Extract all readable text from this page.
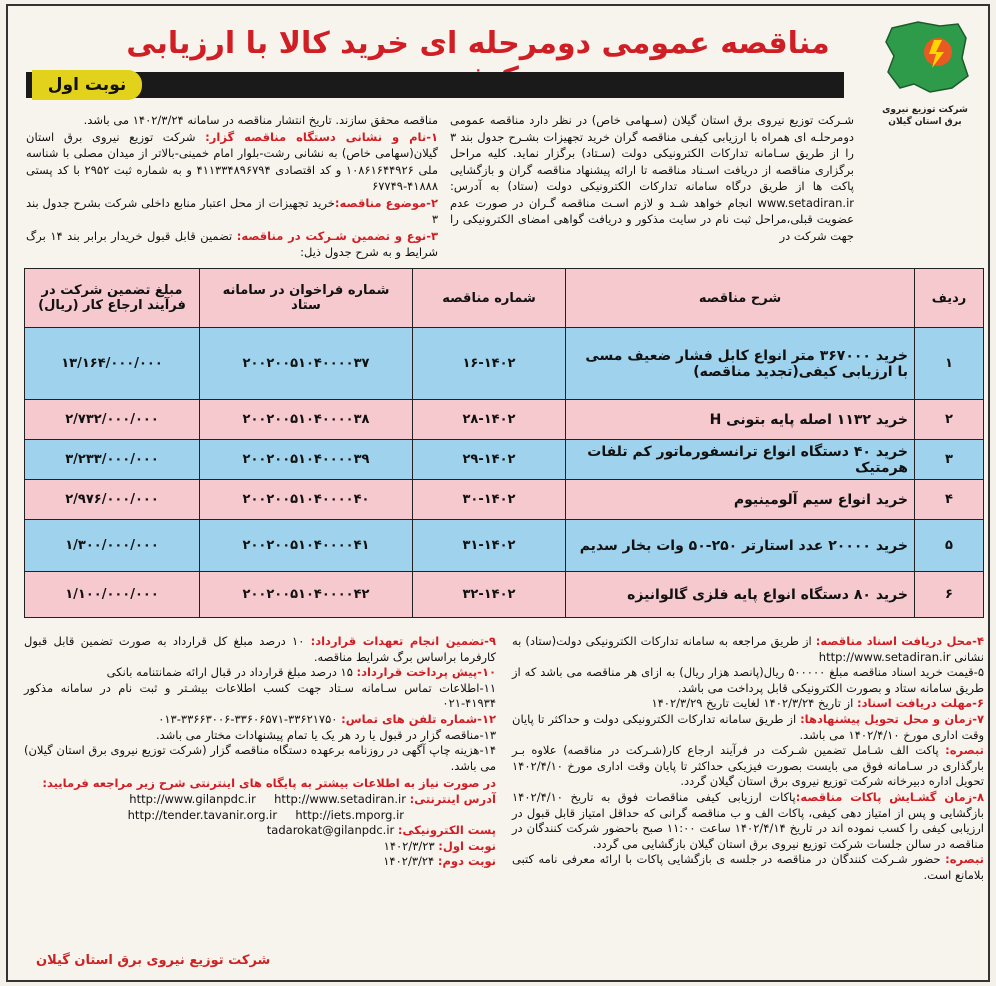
مناقصه عمومی دومرحله ای خرید کالا با ارزیابی
شرکت توزیع نیروی برق استان گیلان
نوبت اول
شـرکت توزیع نیروی برق استان گیلان (سـهامی خاص) در نظر دارد مناقصه عمومی دومرحلـه ای همراه با ارزیابی کیفـی مناقصه گران خرید تجهیزات بشـرح جدول بند ۳ را از طریق سـامانه تدارکات الکترونیکی دولت (سـتاد) برگزار نماید. کلیه مراحل برگزاری مناقصه از دریافت اسـناد مناقصه تا ارائه پیشنهاد مناقصه گران و بازگشایی پاکت ها از طریق درگاه سامانه تدارکات الکترونیکی دولت (ستاد) به آدرس: www.setadiran.ir انجام خواهد شـد و لازم اسـت مناقصه گـران در صورت عدم عضویت قبلی،مراحل ثبت نام در سایت مذکور و دریافت گواهی امضای الکترونیکی را جهت شرکت در
مناقصه محقق سازند. تاریخ انتشار مناقصه در سامانه ۱۴۰۲/۳/۲۴ می باشد.
۱-نام و نشانی دستگاه مناقصه گزار: شرکت توزیع نیروی برق استان گیلان(سهامی خاص) به نشانی رشت-بلوار امام خمینی-بالاتر از میدان مصلی با شناسه ملی ۱۰۸۶۱۶۴۴۹۲۶ و کد اقتصادی ۴۱۱۳۳۴۸۹۶۷۹۴ و به شماره ثبت ۲۹۵۲ با کد پستی ۴۱۸۸۸-۶۷۷۴۹
۲-موضوع مناقصه:خرید تجهیزات از محل اعتبار منابع داخلی شرکت بشرح جدول بند ۳
۳-نوع و تضمین شـرکت در مناقصه: تضمین قابل قبول خریدار برابر بند ۱۴ برگ شرایط و به شرح جدول ذیل:
ردیف	شرح مناقصه	شماره مناقصه	شماره فراخوان در سامانه ستاد	مبلغ تضمین شرکت در فرآیند ارجاع کار (ریال)
۱	خرید ۳۶۷۰۰۰ متر انواع کابل فشار ضعیف مسی با ارزیابی کیفی(تجدید مناقصه)	۱۶-۱۴۰۲	۲۰۰۲۰۰۵۱۰۴۰۰۰۰۳۷	۱۳/۱۶۴/۰۰۰/۰۰۰
۲	خرید ۱۱۳۲ اصله پایه بتونی H	۲۸-۱۴۰۲	۲۰۰۲۰۰۵۱۰۴۰۰۰۰۳۸	۲/۷۳۲/۰۰۰/۰۰۰
۳	خرید ۴۰ دستگاه انواع ترانسفورماتور کم تلفات هرمتیک	۲۹-۱۴۰۲	۲۰۰۲۰۰۵۱۰۴۰۰۰۰۳۹	۳/۲۳۳/۰۰۰/۰۰۰
۴	خرید انواع سیم آلومینیوم	۳۰-۱۴۰۲	۲۰۰۲۰۰۵۱۰۴۰۰۰۰۴۰	۲/۹۷۶/۰۰۰/۰۰۰
۵	خرید ۲۰۰۰۰ عدد استارتر ۲۵۰-۵۰ وات بخار سدیم	۳۱-۱۴۰۲	۲۰۰۲۰۰۵۱۰۴۰۰۰۰۴۱	۱/۳۰۰/۰۰۰/۰۰۰
۶	خرید ۸۰ دستگاه انواع پایه فلزی گالوانیزه	۳۲-۱۴۰۲	۲۰۰۲۰۰۵۱۰۴۰۰۰۰۴۲	۱/۱۰۰/۰۰۰/۰۰۰
۴-محل دریافت اسناد مناقصه: از طریق مراجعه به سامانه تدارکات الکترونیکی دولت(ستاد) به نشانی http://www.setadiran.ir
۵-قیمت خرید اسناد مناقصه مبلغ ۵۰۰۰۰۰ ریال(پانصد هزار ریال) به ازای هر مناقصه می باشد که از طریق سامانه ستاد و بصورت الکترونیکی قابل پرداخت می باشد.
۶-مهلت دریافت اسناد: از تاریخ ۱۴۰۲/۳/۲۴ لغایت تاریخ ۱۴۰۲/۳/۲۹
۷-زمان و محل تحویل پیشنهادها: از طریق سامانه تدارکات الکترونیکی دولت و حداکثر تا پایان وقت اداری مورخ ۱۴۰۲/۴/۱۰ می باشد.
تبصره: پاکت الف شـامل تضمین شـرکت در فرآیند ارجاع کار(شـرکت در مناقصه) علاوه بـر بارگذاری در سـامانه فوق می بایست بصورت فیزیکی حداکثر تا پایان وقت اداری مورخ ۱۴۰۲/۴/۱۰ تحویل اداره دبیرخانه شرکت توزیع نیروی برق استان گیلان گردد.
۸-زمان گشـایش پاکات مناقصه:پاکات ارزیابی کیفی مناقصات فوق به تاریخ ۱۴۰۲/۴/۱۰ بازگشایی و پس از امتیاز دهی کیفی، پاکات الف و ب مناقصه گرانی که حداقل امتیاز قابل قبول در ارزیابی کیفی را کسب نموده اند در تاریخ ۱۴۰۲/۴/۱۴ ساعت ۱۱:۰۰ صبح باحضور شرکت کنندگان در مناقصه در سالن جلسات شرکت توزیع نیروی برق استان گیلان بازگشایی می گردد.
تبصره: حضور شـرکت کنندگان در مناقصه در جلسه ی بازگشایی پاکات با ارائه معرفی نامه کتبی بلامانع است.
۹-تضمین انجام تعهدات قرارداد: ۱۰ درصد مبلغ کل قرارداد به صورت تضمین قابل قبول کارفرما براساس برگ شرایط مناقصه.
۱۰-پیش پرداخت قرارداد: ۱۵ درصد مبلغ قرارداد در قبال ارائه ضمانتنامه بانکی
۱۱-اطلاعات تماس سـامانه سـتاد جهت کسب اطلاعات بیشـتر و ثبت نام در سامانه مذکور ۴۱۹۳۴-۰۲۱
۱۲-شماره تلفن های تماس: ۳۳۶۲۱۷۵۰-۳۳۶۰۶۵۷۱-۳۳۶۶۳۰۰۶-۰۱۳
۱۳-مناقصه گزار در قبول یا رد هر یک یا تمام پیشنهادات مختار می باشد.
۱۴-هزینه چاپ آگهی در روزنامه برعهده دستگاه مناقصه گزار (شرکت توزیع نیروی برق استان گیلان) می باشد.
در صورت نیاز به اطلاعات بیشتر به پایگاه های اینترنتی شرح زیر مراجعه فرمایید:
آدرس اینترنتی: http://www.gilanpdc.ir http://www.setadiran.ir
http://tender.tavanir.org.ir http://iets.mporg.ir
پست الکترونیکی: tadarokat@gilanpdc.ir
نوبت اول: ۱۴۰۲/۳/۲۳
نوبت دوم: ۱۴۰۲/۳/۲۴
شرکت توزیع نیروی برق استان گیلان
